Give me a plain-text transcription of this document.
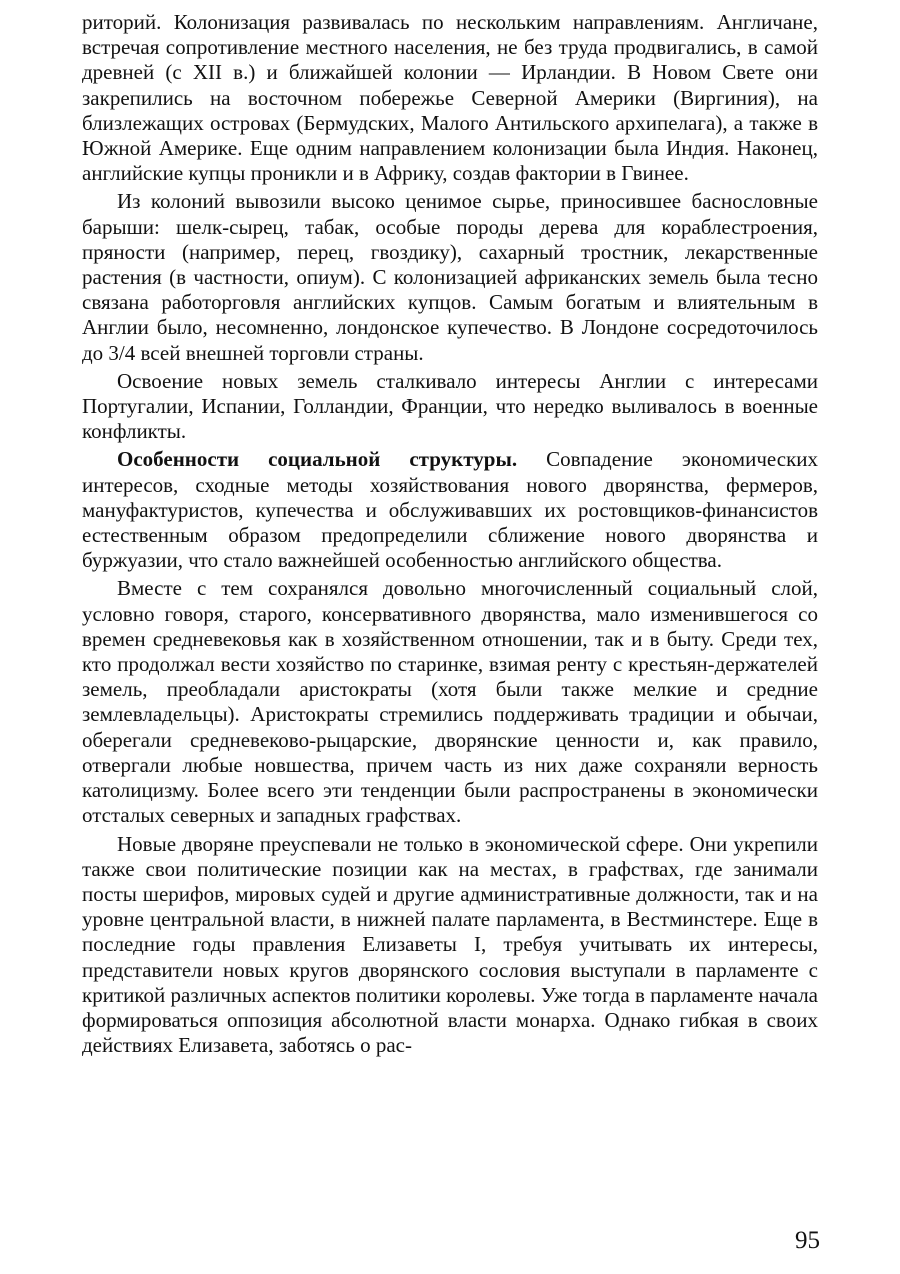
риторий. Колонизация развивалась по нескольким направлениям. Англичане, встречая сопротивление местного населения, не без труда продвигались, в самой древней (с XII в.) и ближайшей колонии — Ирландии. В Новом Свете они закрепились на восточном побережье Северной Америки (Виргиния), на близлежащих островах (Бермудских, Малого Антильского архипелага), а также в Южной Америке. Еще одним направлением колонизации была Индия. Наконец, английские купцы проникли и в Африку, создав фактории в Гвинее.

Из колоний вывозили высоко ценимое сырье, приносившее баснословные барыши: шелк-сырец, табак, особые породы дерева для кораблестроения, пряности (например, перец, гвоздику), сахарный тростник, лекарственные растения (в частности, опиум). С колонизацией африканских земель была тесно связана работорговля английских купцов. Самым богатым и влиятельным в Англии было, несомненно, лондонское купечество. В Лондоне сосредоточилось до 3/4 всей внешней торговли страны.

Освоение новых земель сталкивало интересы Англии с интересами Португалии, Испании, Голландии, Франции, что нередко выливалось в военные конфликты.

Особенности социальной структуры. Совпадение экономических интересов, сходные методы хозяйствования нового дворянства, фермеров, мануфактуристов, купечества и обслуживавших их ростовщиков-финансистов естественным образом предопределили сближение нового дворянства и буржуазии, что стало важнейшей особенностью английского общества.

Вместе с тем сохранялся довольно многочисленный социальный слой, условно говоря, старого, консервативного дворянства, мало изменившегося со времен средневековья как в хозяйственном отношении, так и в быту. Среди тех, кто продолжал вести хозяйство по старинке, взимая ренту с крестьян-держателей земель, преобладали аристократы (хотя были также мелкие и средние землевладельцы). Аристократы стремились поддерживать традиции и обычаи, оберегали средневеково-рыцарские, дворянские ценности и, как правило, отвергали любые новшества, причем часть из них даже сохраняли верность католицизму. Более всего эти тенденции были распространены в экономически отсталых северных и западных графствах.

Новые дворяне преуспевали не только в экономической сфере. Они укрепили также свои политические позиции как на местах, в графствах, где занимали посты шерифов, мировых судей и другие административные должности, так и на уровне центральной власти, в нижней палате парламента, в Вестминстере. Еще в последние годы правления Елизаветы I, требуя учитывать их интересы, представители новых кругов дворянского сословия выступали в парламенте с критикой различных аспектов политики королевы. Уже тогда в парламенте начала формироваться оппозиция абсолютной власти монарха. Однако гибкая в своих действиях Елизавета, заботясь о рас-

95
